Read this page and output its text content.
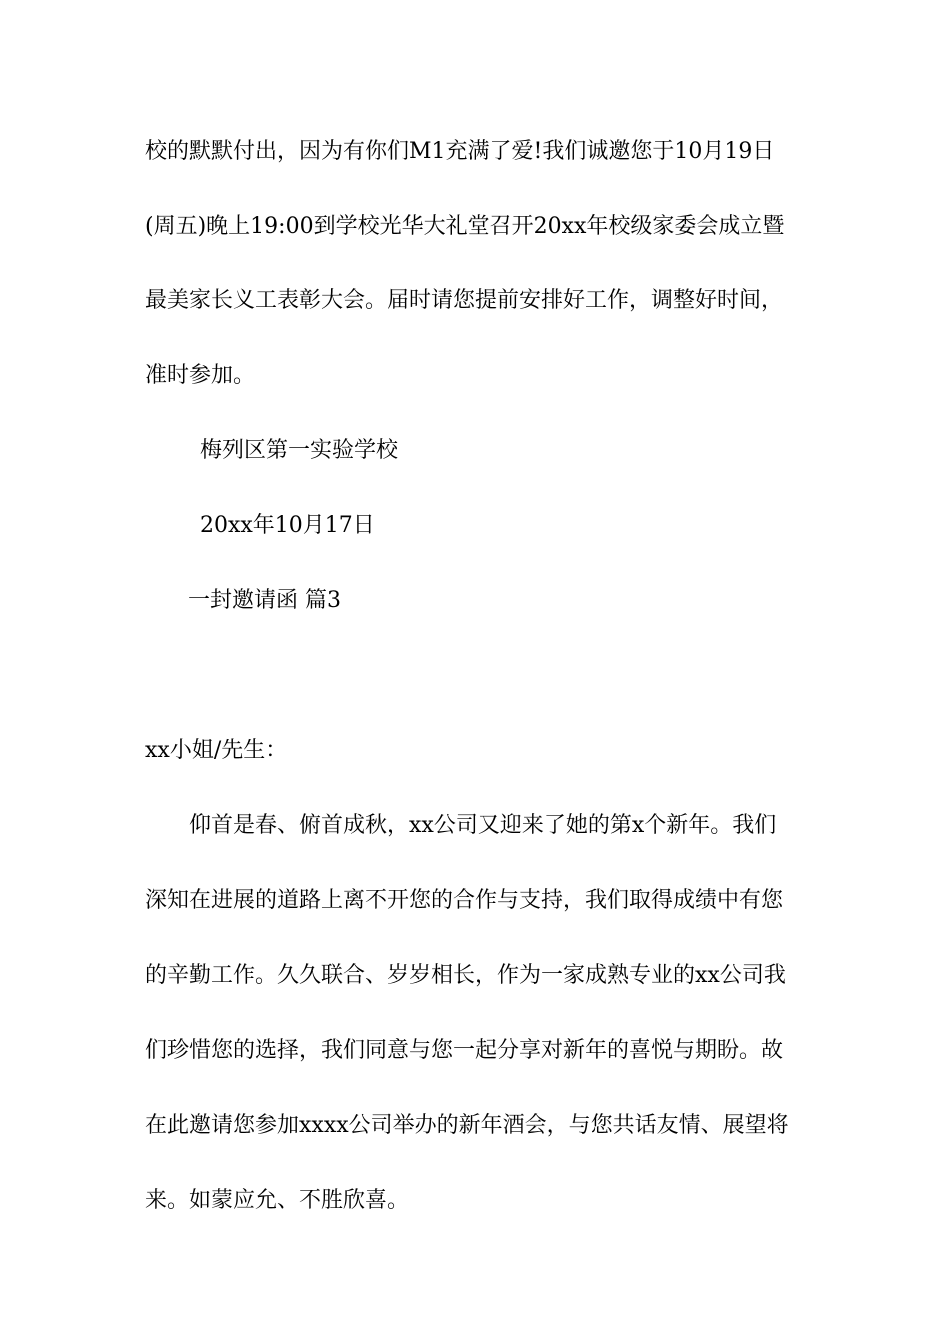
校的默默付出，因为有你们M1充满了爱!我们诚邀您于10月19日
(周五)晚上19:00到学校光华大礼堂召开20xx年校级家委会成立暨
最美家长义工表彰大会。届时请您提前安排好工作，调整好时间，
准时参加。
梅列区第一实验学校
20xx年10月17日
一封邀请函 篇3
xx小姐/先生：
仰首是春、俯首成秋，xx公司又迎来了她的第x个新年。我们
深知在进展的道路上离不开您的合作与支持，我们取得成绩中有您
的辛勤工作。久久联合、岁岁相长，作为一家成熟专业的xx公司我
们珍惜您的选择，我们同意与您一起分享对新年的喜悦与期盼。故
在此邀请您参加xxxx公司举办的新年酒会，与您共话友情、展望将
来。如蒙应允、不胜欣喜。
